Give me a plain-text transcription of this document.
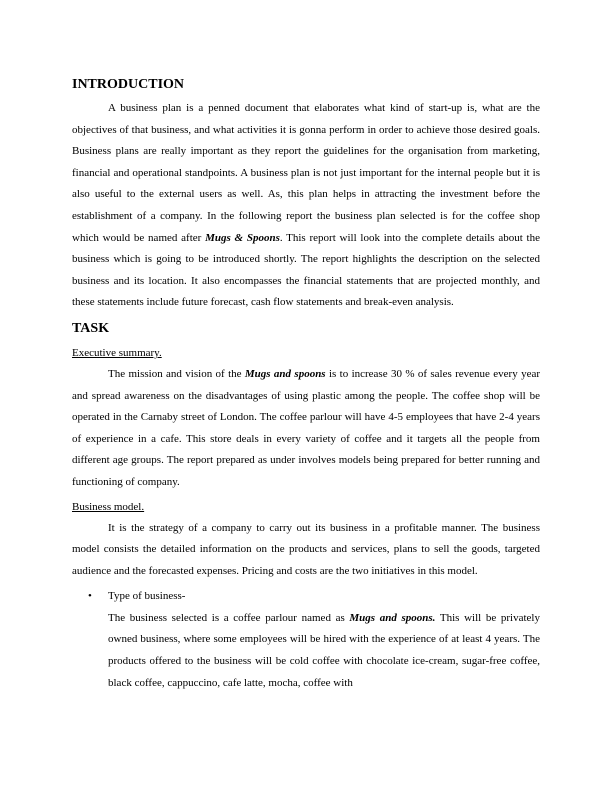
INTRODUCTION

A business plan is a penned document that elaborates what kind of start-up is, what are the objectives of that business, and what activities it is gonna perform in order to achieve those desired goals. Business plans are really important as they report the guidelines for the organisation from marketing, financial and operational standpoints. A business plan is not just important for the internal people but it is also useful to the external users as well. As, this plan helps in attracting the investment before the establishment of a company. In the following report the business plan selected is for the coffee shop which would be named after Mugs & Spoons. This report will look into the complete details about the business which is going to be introduced shortly. The report highlights the description on the selected business and its location. It also encompasses the financial statements that are projected monthly, and these statements include future forecast, cash flow statements and break-even analysis.

TASK
Executive summary.

The mission and vision of the Mugs and spoons is to increase 30 % of sales revenue every year and spread awareness on the disadvantages of using plastic among the people. The coffee shop will be operated in the Carnaby street of London. The coffee parlour will have 4-5 employees that have 2-4 years of experience in a cafe. This store deals in every variety of coffee and it targets all the people from different age groups. The report prepared as under involves models being prepared for better running and functioning of company.

Business model.

It is the strategy of a company to carry out its business in a profitable manner. The business model consists the detailed information on the products and services, plans to sell the goods, targeted audience and the forecasted expenses. Pricing and costs are the two initiatives in this model.

• Type of business-

The business selected is a coffee parlour named as Mugs and spoons. This will be privately owned business, where some employees will be hired with the experience of at least 4 years. The products offered to the business will be cold coffee with chocolate ice-cream, sugar-free coffee, black coffee, cappuccino, cafe latte, mocha, coffee with
